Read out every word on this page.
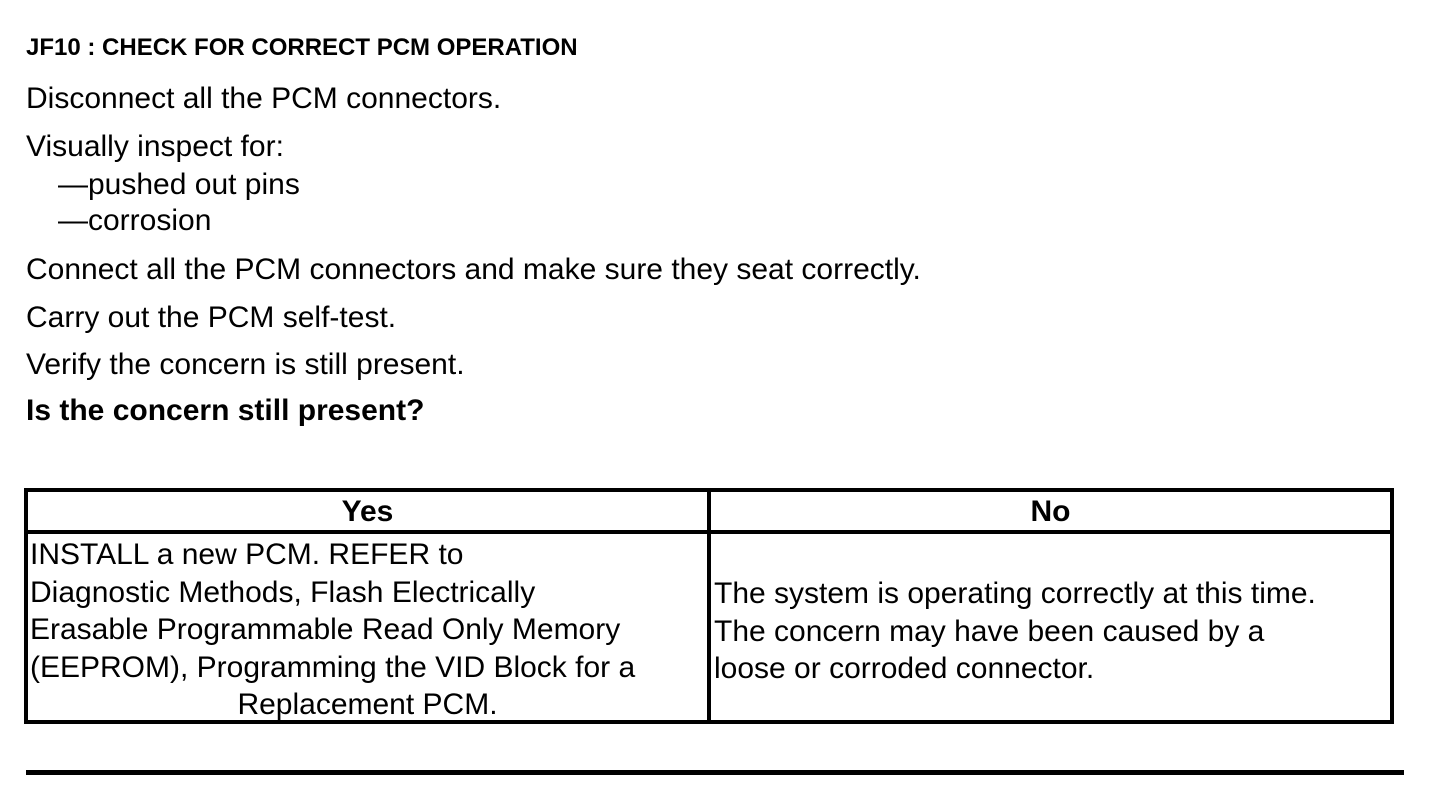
JF10 : CHECK FOR CORRECT PCM OPERATION
Disconnect all the PCM connectors.
Visually inspect for:
—pushed out pins
—corrosion
Connect all the PCM connectors and make sure they seat correctly.
Carry out the PCM self-test.
Verify the concern is still present.
Is the concern still present?
Yes	No
INSTALL a new PCM. REFER to
Diagnostic Methods, Flash Electrically
Erasable Programmable Read Only Memory
(EEPROM), Programming the VID Block for a
Replacement PCM.
The system is operating correctly at this time.
The concern may have been caused by a
loose or corroded connector.
